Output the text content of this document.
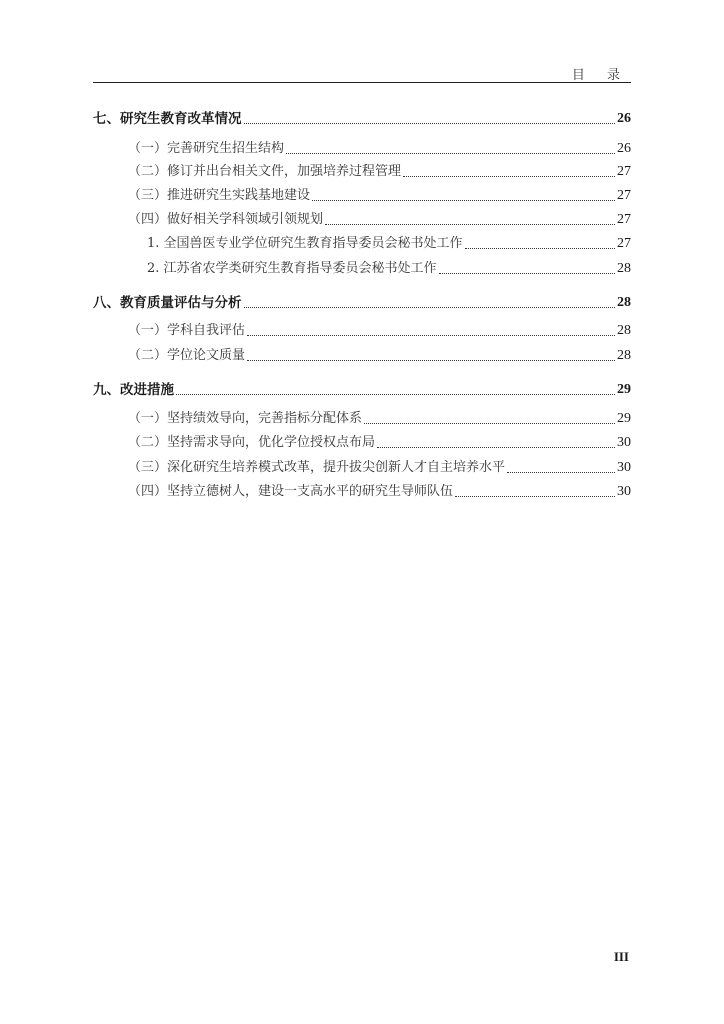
目 录
七、研究生教育改革情况	26
（一）完善研究生招生结构	26
（二）修订并出台相关文件，加强培养过程管理	27
（三）推进研究生实践基地建设	27
（四）做好相关学科领域引领规划	27
1. 全国兽医专业学位研究生教育指导委员会秘书处工作	27
2. 江苏省农学类研究生教育指导委员会秘书处工作	28
八、教育质量评估与分析	28
（一）学科自我评估	28
（二）学位论文质量	28
九、改进措施	29
（一）坚持绩效导向，完善指标分配体系	29
（二）坚持需求导向，优化学位授权点布局	30
（三）深化研究生培养模式改革，提升拔尖创新人才自主培养水平	30
（四）坚持立德树人，建设一支高水平的研究生导师队伍	30
III
